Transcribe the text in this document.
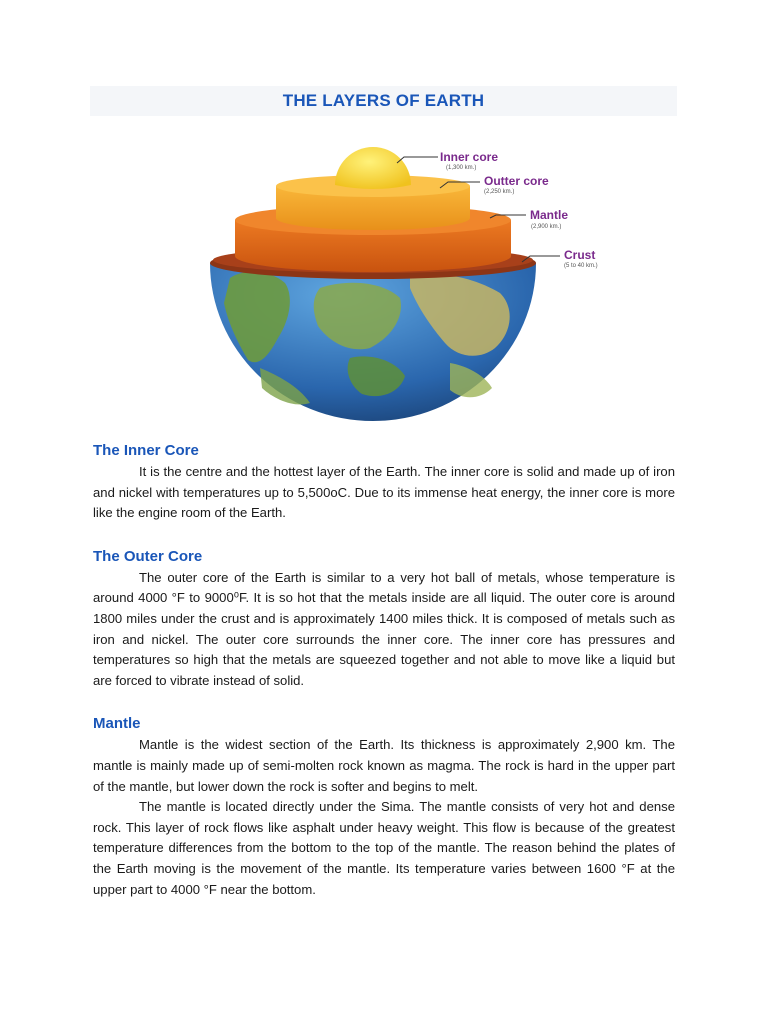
THE LAYERS OF EARTH
Inner core
(1,300 km.)
Outter core
(2,250 km.)
Mantle
(2,900 km.)
Crust
(5 to 40 km.)
The Inner Core

It is the centre and the hottest layer of the Earth. The inner core is solid and made up of iron and nickel with temperatures up to 5,500oC. Due to its immense heat energy, the inner core is more like the engine room of the Earth.

The Outer Core

The outer core of the Earth is similar to a very hot ball of metals, whose temperature is around 4000 °F to 9000⁰F. It is so hot that the metals inside are all liquid. The outer core is around 1800 miles under the crust and is approximately 1400 miles thick. It is composed of metals such as iron and nickel. The outer core surrounds the inner core. The inner core has pressures and temperatures so high that the metals are squeezed together and not able to move like a liquid but are forced to vibrate instead of solid.

Mantle

Mantle is the widest section of the Earth. Its thickness is approximately 2,900 km. The mantle is mainly made up of semi-molten rock known as magma. The rock is hard in the upper part of the mantle, but lower down the rock is softer and begins to melt.

The mantle is located directly under the Sima. The mantle consists of very hot and dense rock. This layer of rock flows like asphalt under heavy weight. This flow is because of the greatest temperature differences from the bottom to the top of the mantle. The reason behind the plates of the Earth moving is the movement of the mantle. Its temperature varies between 1600 °F at the upper part to 4000 °F near the bottom.
